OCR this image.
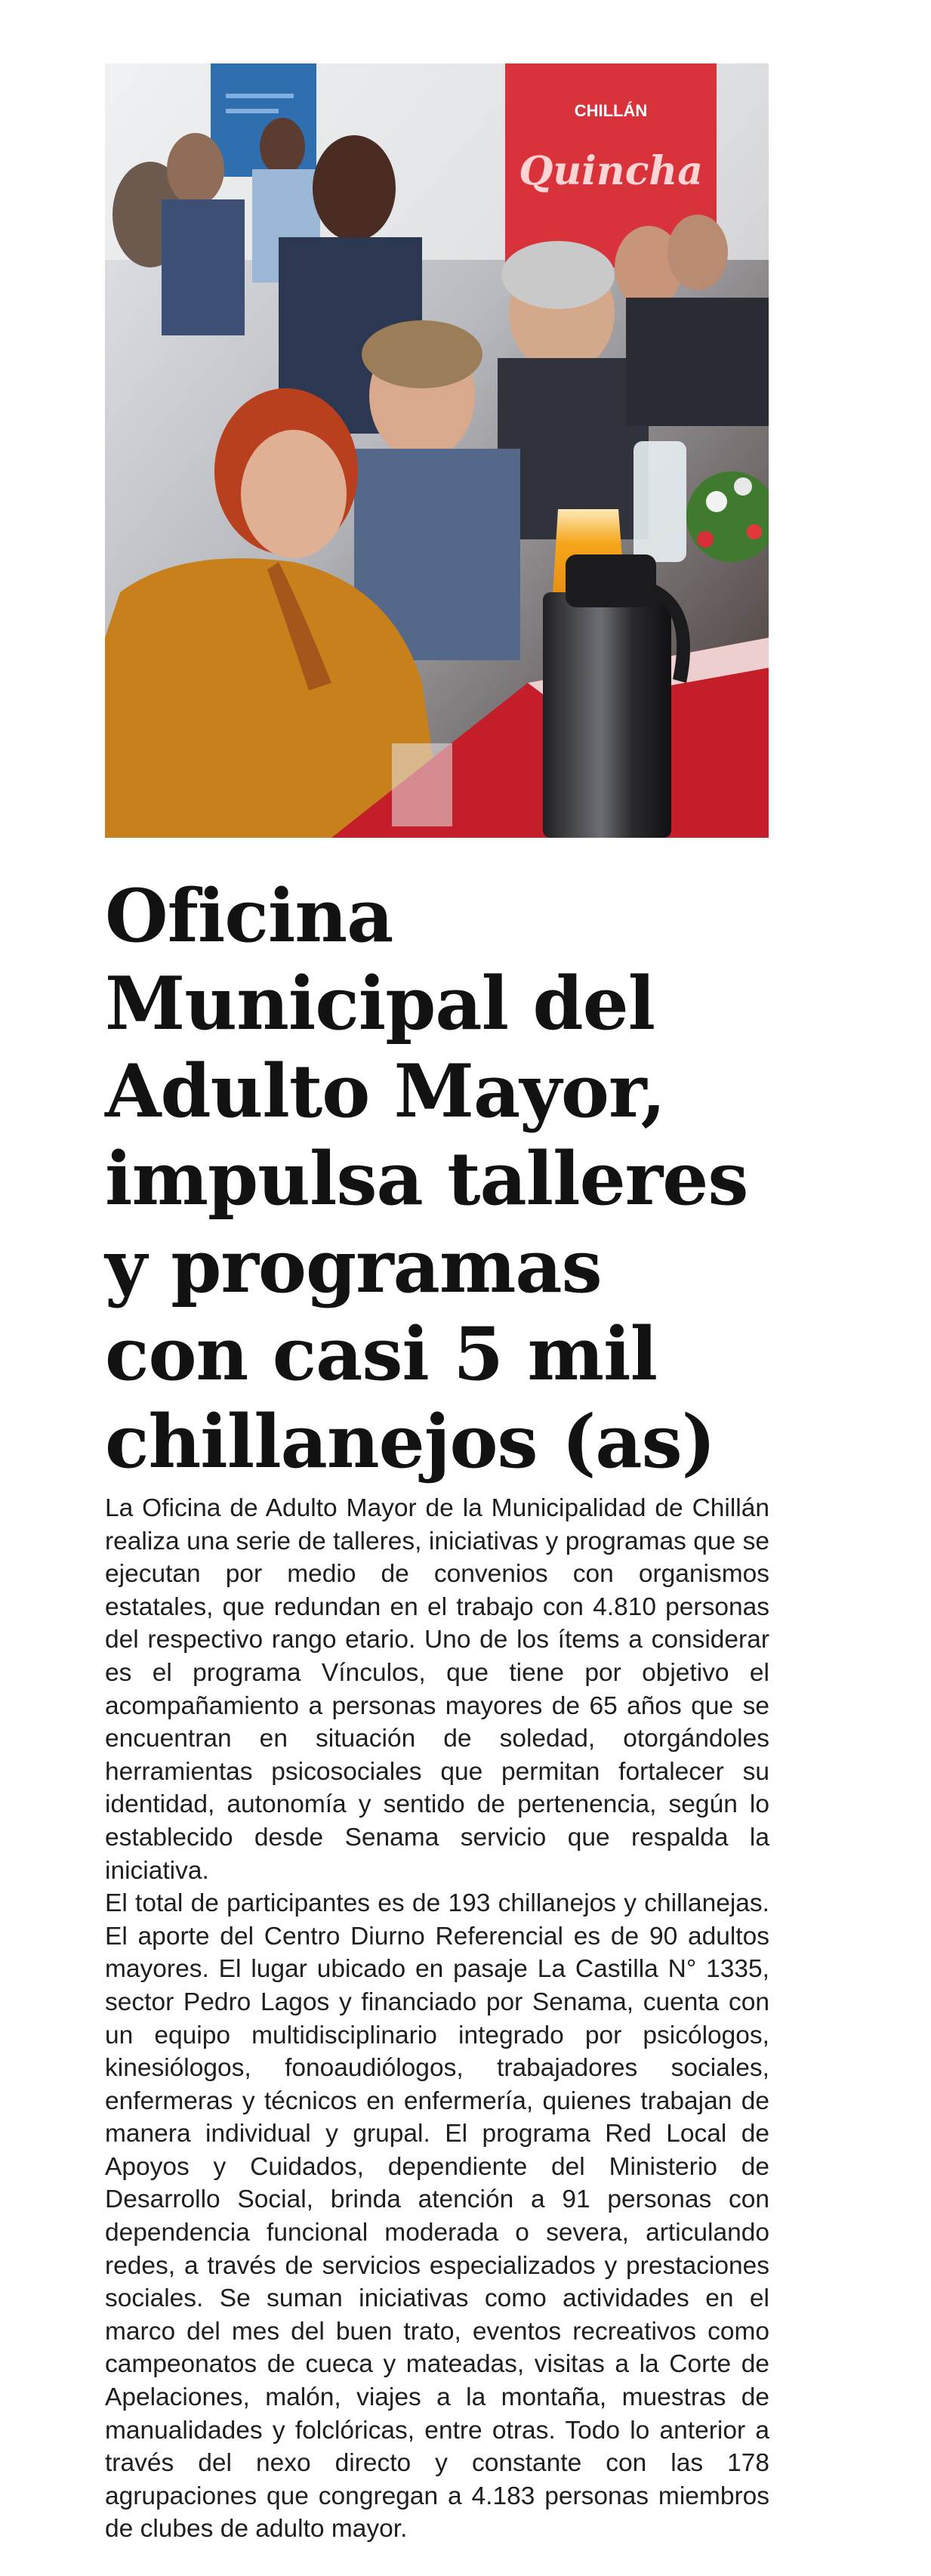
CHILLÁN
Quincha
Oficina
Municipal del
Adulto Mayor,
impulsa talleres
y programas
con casi 5 mil
chillanejos (as)

La Oficina de Adulto Mayor de la Municipalidad de Chillán realiza una serie de talleres, iniciativas y programas que se ejecutan por medio de convenios con organismos estatales, que redundan en el trabajo con 4.810 personas del respectivo rango etario. Uno de los ítems a considerar es el programa Vínculos, que tiene por objetivo el acompañamiento a personas mayores de 65 años que se encuentran en situación de soledad, otorgándoles herramientas psicosociales que permitan fortalecer su identidad, autonomía y sentido de pertenencia, según lo establecido desde Senama servicio que respalda la iniciativa.

El total de participantes es de 193 chillanejos y chillanejas. El aporte del Centro Diurno Referencial es de 90 adultos mayores. El lugar ubicado en pasaje La Castilla N° 1335, sector Pedro Lagos y financiado por Senama, cuenta con un equipo multidisciplinario integrado por psicólogos, kinesiólogos, fonoaudiólogos, trabajadores sociales, enfermeras y técnicos en enfermería, quienes trabajan de manera individual y grupal. El programa Red Local de Apoyos y Cuidados, dependiente del Ministerio de Desarrollo Social, brinda atención a 91 personas con dependencia funcional moderada o severa, articulando redes, a través de servicios especializados y prestaciones sociales. Se suman iniciativas como actividades en el marco del mes del buen trato, eventos recreativos como campeonatos de cueca y mateadas, visitas a la Corte de Apelaciones, malón, viajes a la montaña, muestras de manualidades y folclóricas, entre otras. Todo lo anterior a través del nexo directo y constante con las 178 agrupaciones que congregan a 4.183 personas miembros de clubes de adulto mayor.
